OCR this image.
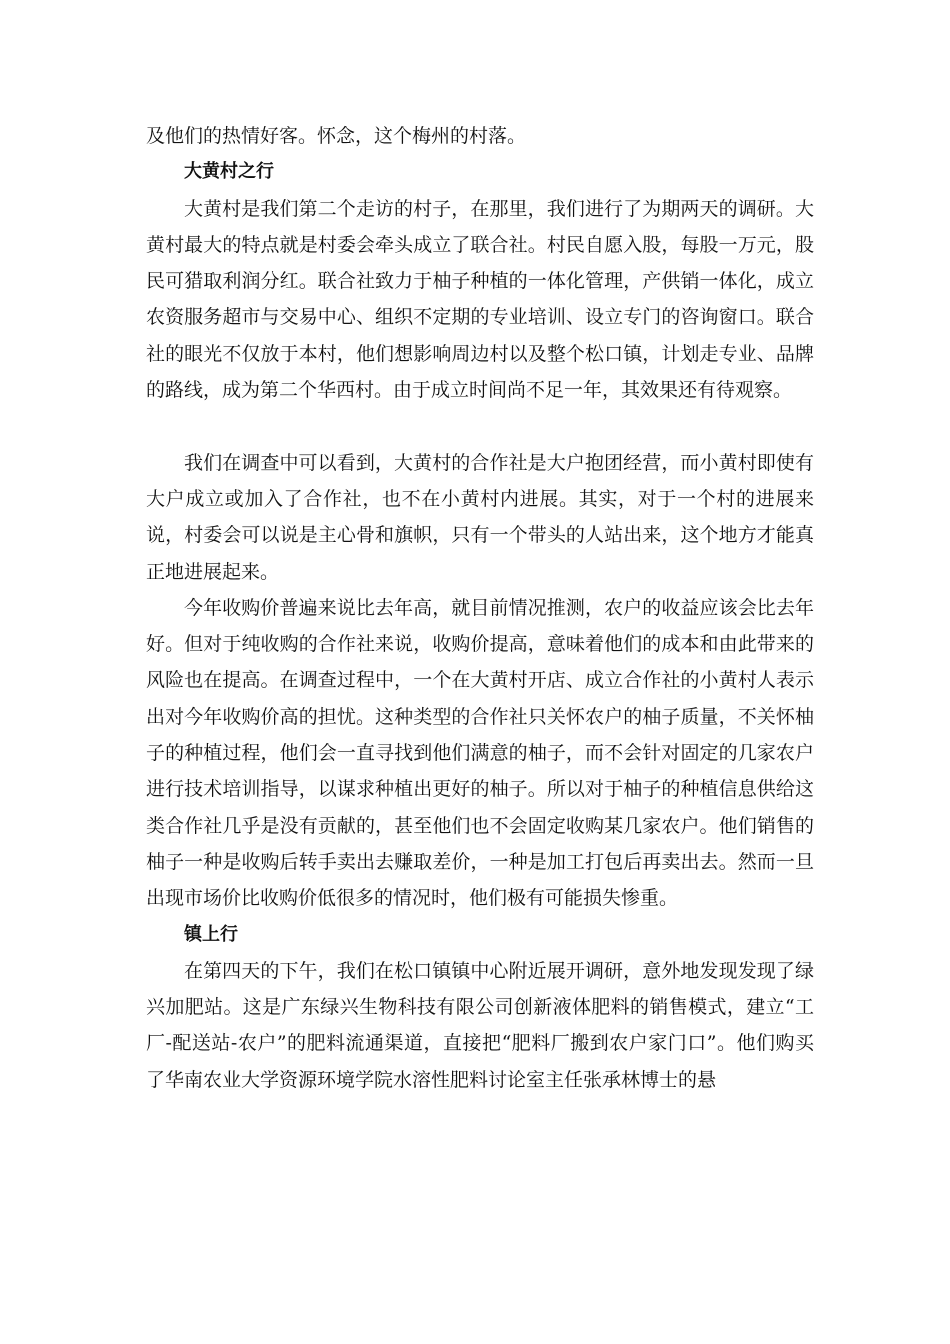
及他们的热情好客。怀念，这个梅州的村落。

大黄村之行

大黄村是我们第二个走访的村子，在那里，我们进行了为期两天的调研。大黄村最大的特点就是村委会牵头成立了联合社。村民自愿入股，每股一万元，股民可猎取利润分红。联合社致力于柚子种植的一体化管理，产供销一体化，成立农资服务超市与交易中心、组织不定期的专业培训、设立专门的咨询窗口。联合社的眼光不仅放于本村，他们想影响周边村以及整个松口镇，计划走专业、品牌的路线，成为第二个华西村。由于成立时间尚不足一年，其效果还有待观察。

我们在调查中可以看到，大黄村的合作社是大户抱团经营，而小黄村即使有大户成立或加入了合作社，也不在小黄村内进展。其实，对于一个村的进展来说，村委会可以说是主心骨和旗帜，只有一个带头的人站出来，这个地方才能真正地进展起来。

今年收购价普遍来说比去年高，就目前情况推测，农户的收益应该会比去年好。但对于纯收购的合作社来说，收购价提高，意味着他们的成本和由此带来的风险也在提高。在调查过程中，一个在大黄村开店、成立合作社的小黄村人表示出对今年收购价高的担忧。这种类型的合作社只关怀农户的柚子质量，不关怀柚子的种植过程，他们会一直寻找到他们满意的柚子，而不会针对固定的几家农户进行技术培训指导，以谋求种植出更好的柚子。所以对于柚子的种植信息供给这类合作社几乎是没有贡献的，甚至他们也不会固定收购某几家农户。他们销售的柚子一种是收购后转手卖出去赚取差价，一种是加工打包后再卖出去。然而一旦出现市场价比收购价低很多的情况时，他们极有可能损失惨重。

镇上行

在第四天的下午，我们在松口镇镇中心附近展开调研，意外地发现发现了绿兴加肥站。这是广东绿兴生物科技有限公司创新液体肥料的销售模式，建立“工厂-配送站-农户”的肥料流通渠道，直接把“肥料厂搬到农户家门口”。他们购买了华南农业大学资源环境学院水溶性肥料讨论室主任张承林博士的悬
